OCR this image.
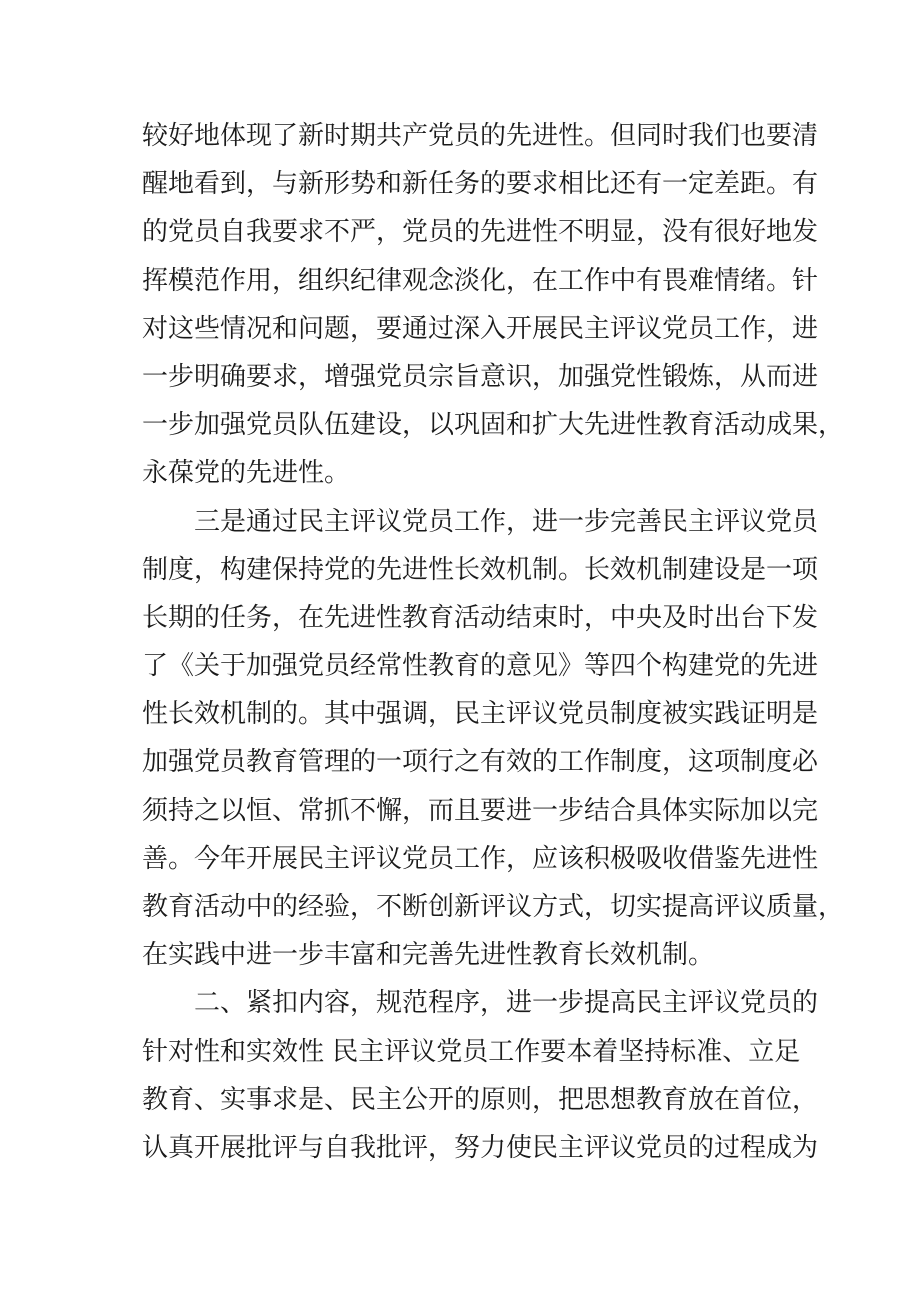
较好地体现了新时期共产党员的先进性。但同时我们也要清
醒地看到，与新形势和新任务的要求相比还有一定差距。有
的党员自我要求不严，党员的先进性不明显，没有很好地发
挥模范作用，组织纪律观念淡化，在工作中有畏难情绪。针
对这些情况和问题，要通过深入开展民主评议党员工作，进
一步明确要求，增强党员宗旨意识，加强党性锻炼，从而进
一步加强党员队伍建设，以巩固和扩大先进性教育活动成果，
永葆党的先进性。
三是通过民主评议党员工作，进一步完善民主评议党员
制度，构建保持党的先进性长效机制。长效机制建设是一项
长期的任务，在先进性教育活动结束时，中央及时出台下发
了《关于加强党员经常性教育的意见》等四个构建党的先进
性长效机制的。其中强调，民主评议党员制度被实践证明是
加强党员教育管理的一项行之有效的工作制度，这项制度必
须持之以恒、常抓不懈，而且要进一步结合具体实际加以完
善。今年开展民主评议党员工作，应该积极吸收借鉴先进性
教育活动中的经验，不断创新评议方式，切实提高评议质量，
在实践中进一步丰富和完善先进性教育长效机制。
二、紧扣内容，规范程序，进一步提高民主评议党员的
针对性和实效性 民主评议党员工作要本着坚持标准、立足
教育、实事求是、民主公开的原则，把思想教育放在首位，
认真开展批评与自我批评，努力使民主评议党员的过程成为
